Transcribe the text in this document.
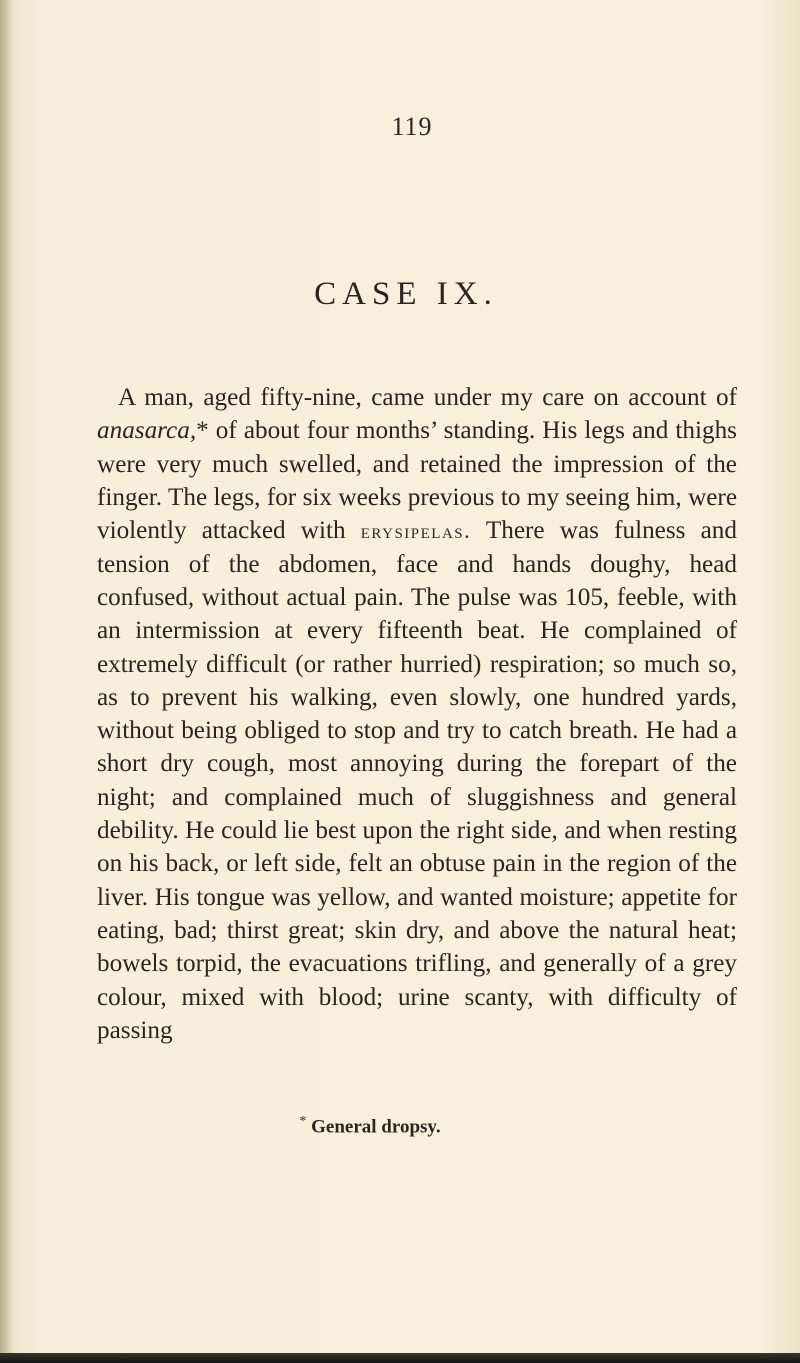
119
CASE IX.

A man, aged fifty-nine, came under my care on account of anasarca,* of about four months’ standing. His legs and thighs were very much swelled, and retained the impression of the finger. The legs, for six weeks previous to my seeing him, were violently attacked with erysipelas. There was fulness and tension of the abdomen, face and hands doughy, head confused, without actual pain. The pulse was 105, feeble, with an intermission at every fifteenth beat. He complained of extremely difficult (or rather hurried) respiration; so much so, as to prevent his walking, even slowly, one hundred yards, without being obliged to stop and try to catch breath. He had a short dry cough, most annoying during the forepart of the night; and complained much of sluggishness and general debility. He could lie best upon the right side, and when resting on his back, or left side, felt an obtuse pain in the region of the liver. His tongue was yellow, and wanted moisture; appetite for eating, bad; thirst great; skin dry, and above the natural heat; bowels torpid, the evacuations trifling, and generally of a grey colour, mixed with blood; urine scanty, with difficulty of passing

* General dropsy.
